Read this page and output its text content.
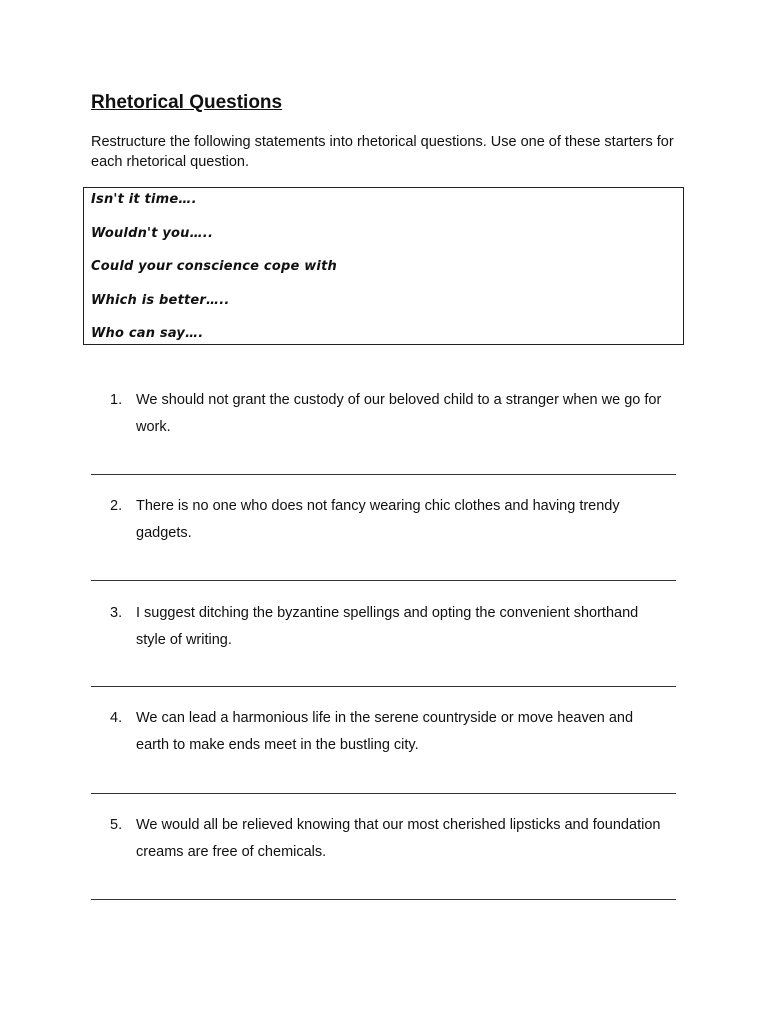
Rhetorical Questions

Restructure the following statements into rhetorical questions. Use one of these starters for each rhetorical question.

Isn't it time….
Wouldn't you…..
Could your conscience cope with
Which is better…..
Who can say….
1. We should not grant the custody of our beloved child to a stranger when we go for work.
2. There is no one who does not fancy wearing chic clothes and having trendy gadgets.
3. I suggest ditching the byzantine spellings and opting the convenient shorthand style of writing.
4. We can lead a harmonious life in the serene countryside or move heaven and earth to make ends meet in the bustling city.
5. We would all be relieved knowing that our most cherished lipsticks and foundation creams are free of chemicals.
